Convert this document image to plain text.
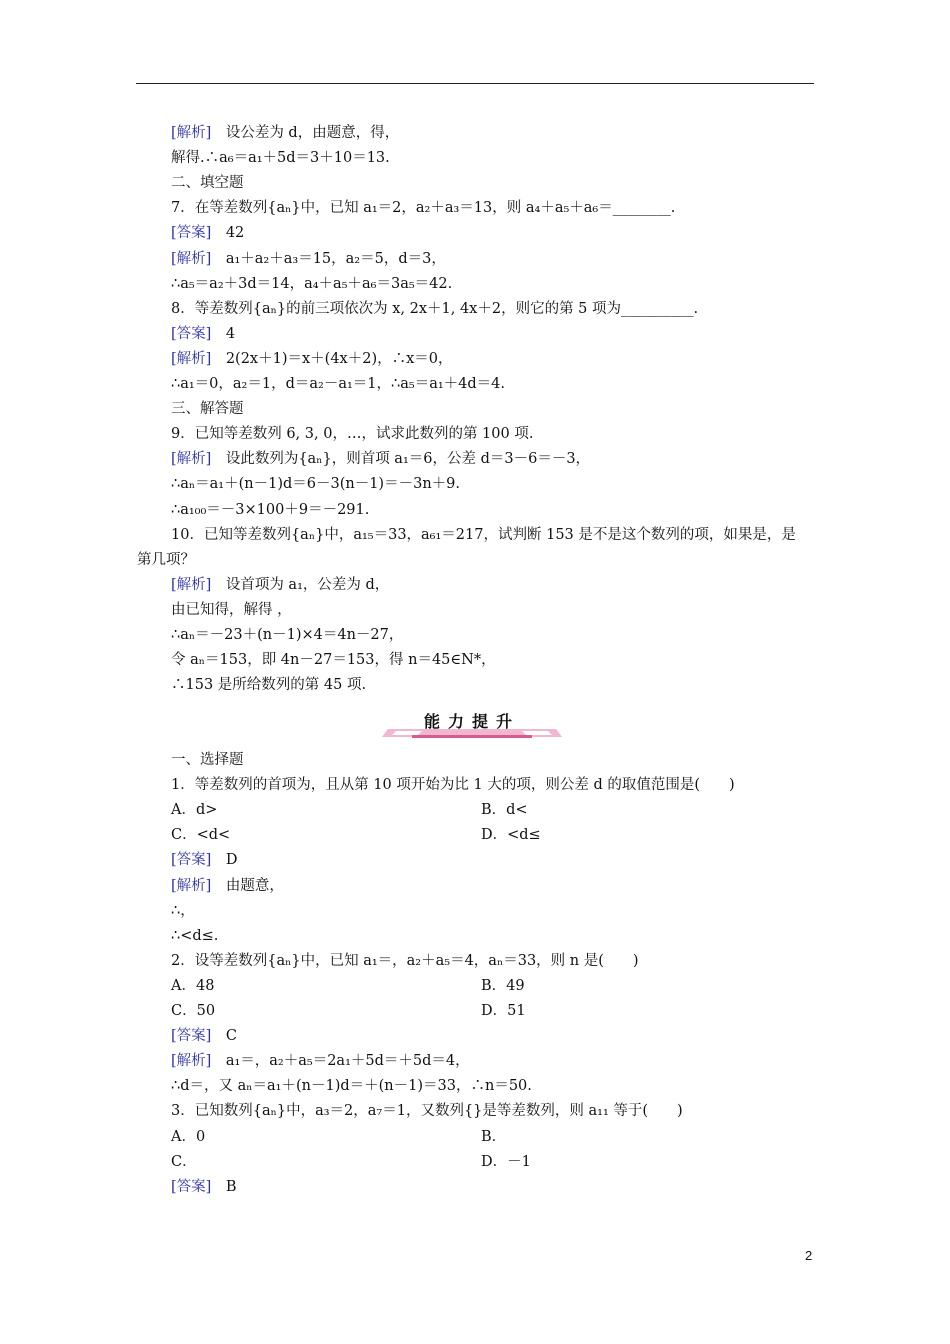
[解析]　设公差为 d，由题意，得，
解得.∴a₆＝a₁＋5d＝3＋10＝13.
二、填空题
7．在等差数列{aₙ}中，已知 a₁＝2，a₂＋a₃＝13，则 a₄＋a₅＋a₆＝________.
[答案]　42
[解析]　a₁＋a₂＋a₃＝15，a₂＝5，d＝3，
∴a₅＝a₂＋3d＝14，a₄＋a₅＋a₆＝3a₅＝42.
8．等差数列{aₙ}的前三项依次为 x, 2x＋1, 4x＋2，则它的第 5 项为__________.
[答案]　4
[解析]　2(2x＋1)＝x＋(4x＋2)，∴x＝0，
∴a₁＝0，a₂＝1，d＝a₂－a₁＝1，∴a₅＝a₁＋4d＝4.
三、解答题
9．已知等差数列 6, 3, 0，…，试求此数列的第 100 项.
[解析]　设此数列为{aₙ}，则首项 a₁＝6，公差 d＝3－6＝－3，
∴aₙ＝a₁＋(n－1)d＝6－3(n－1)＝－3n＋9.
∴a₁₀₀＝－3×100＋9＝－291.
10．已知等差数列{aₙ}中，a₁₅＝33，a₆₁＝217，试判断 153 是不是这个数列的项，如果是，是
第几项？
[解析]　设首项为 a₁，公差为 d，
由已知得，解得 ，
∴aₙ＝－23＋(n－1)×4＝4n－27，
令 aₙ＝153，即 4n－27＝153，得 n＝45∈N*，
∴153 是所给数列的第 45 项.
一、选择题
1．等差数列的首项为，且从第 10 项开始为比 1 大的项，则公差 d 的取值范围是(　　)
A．d>	B．d<
C．<d<	D．<d≤
[答案]　D
[解析]　由题意，
∴，
∴<d≤.
2．设等差数列{aₙ}中，已知 a₁＝，a₂＋a₅＝4，aₙ＝33，则 n 是(　　)
A．48	B．49
C．50	D．51
[答案]　C
[解析]　a₁＝，a₂＋a₅＝2a₁＋5d＝＋5d＝4，
∴d＝，又 aₙ＝a₁＋(n－1)d＝＋(n－1)＝33，∴n＝50.
3．已知数列{aₙ}中，a₃＝2，a₇＝1，又数列{}是等差数列，则 a₁₁ 等于(　　)
A．0	B．
C．	D．－1
[答案]　B
能力提升
2
